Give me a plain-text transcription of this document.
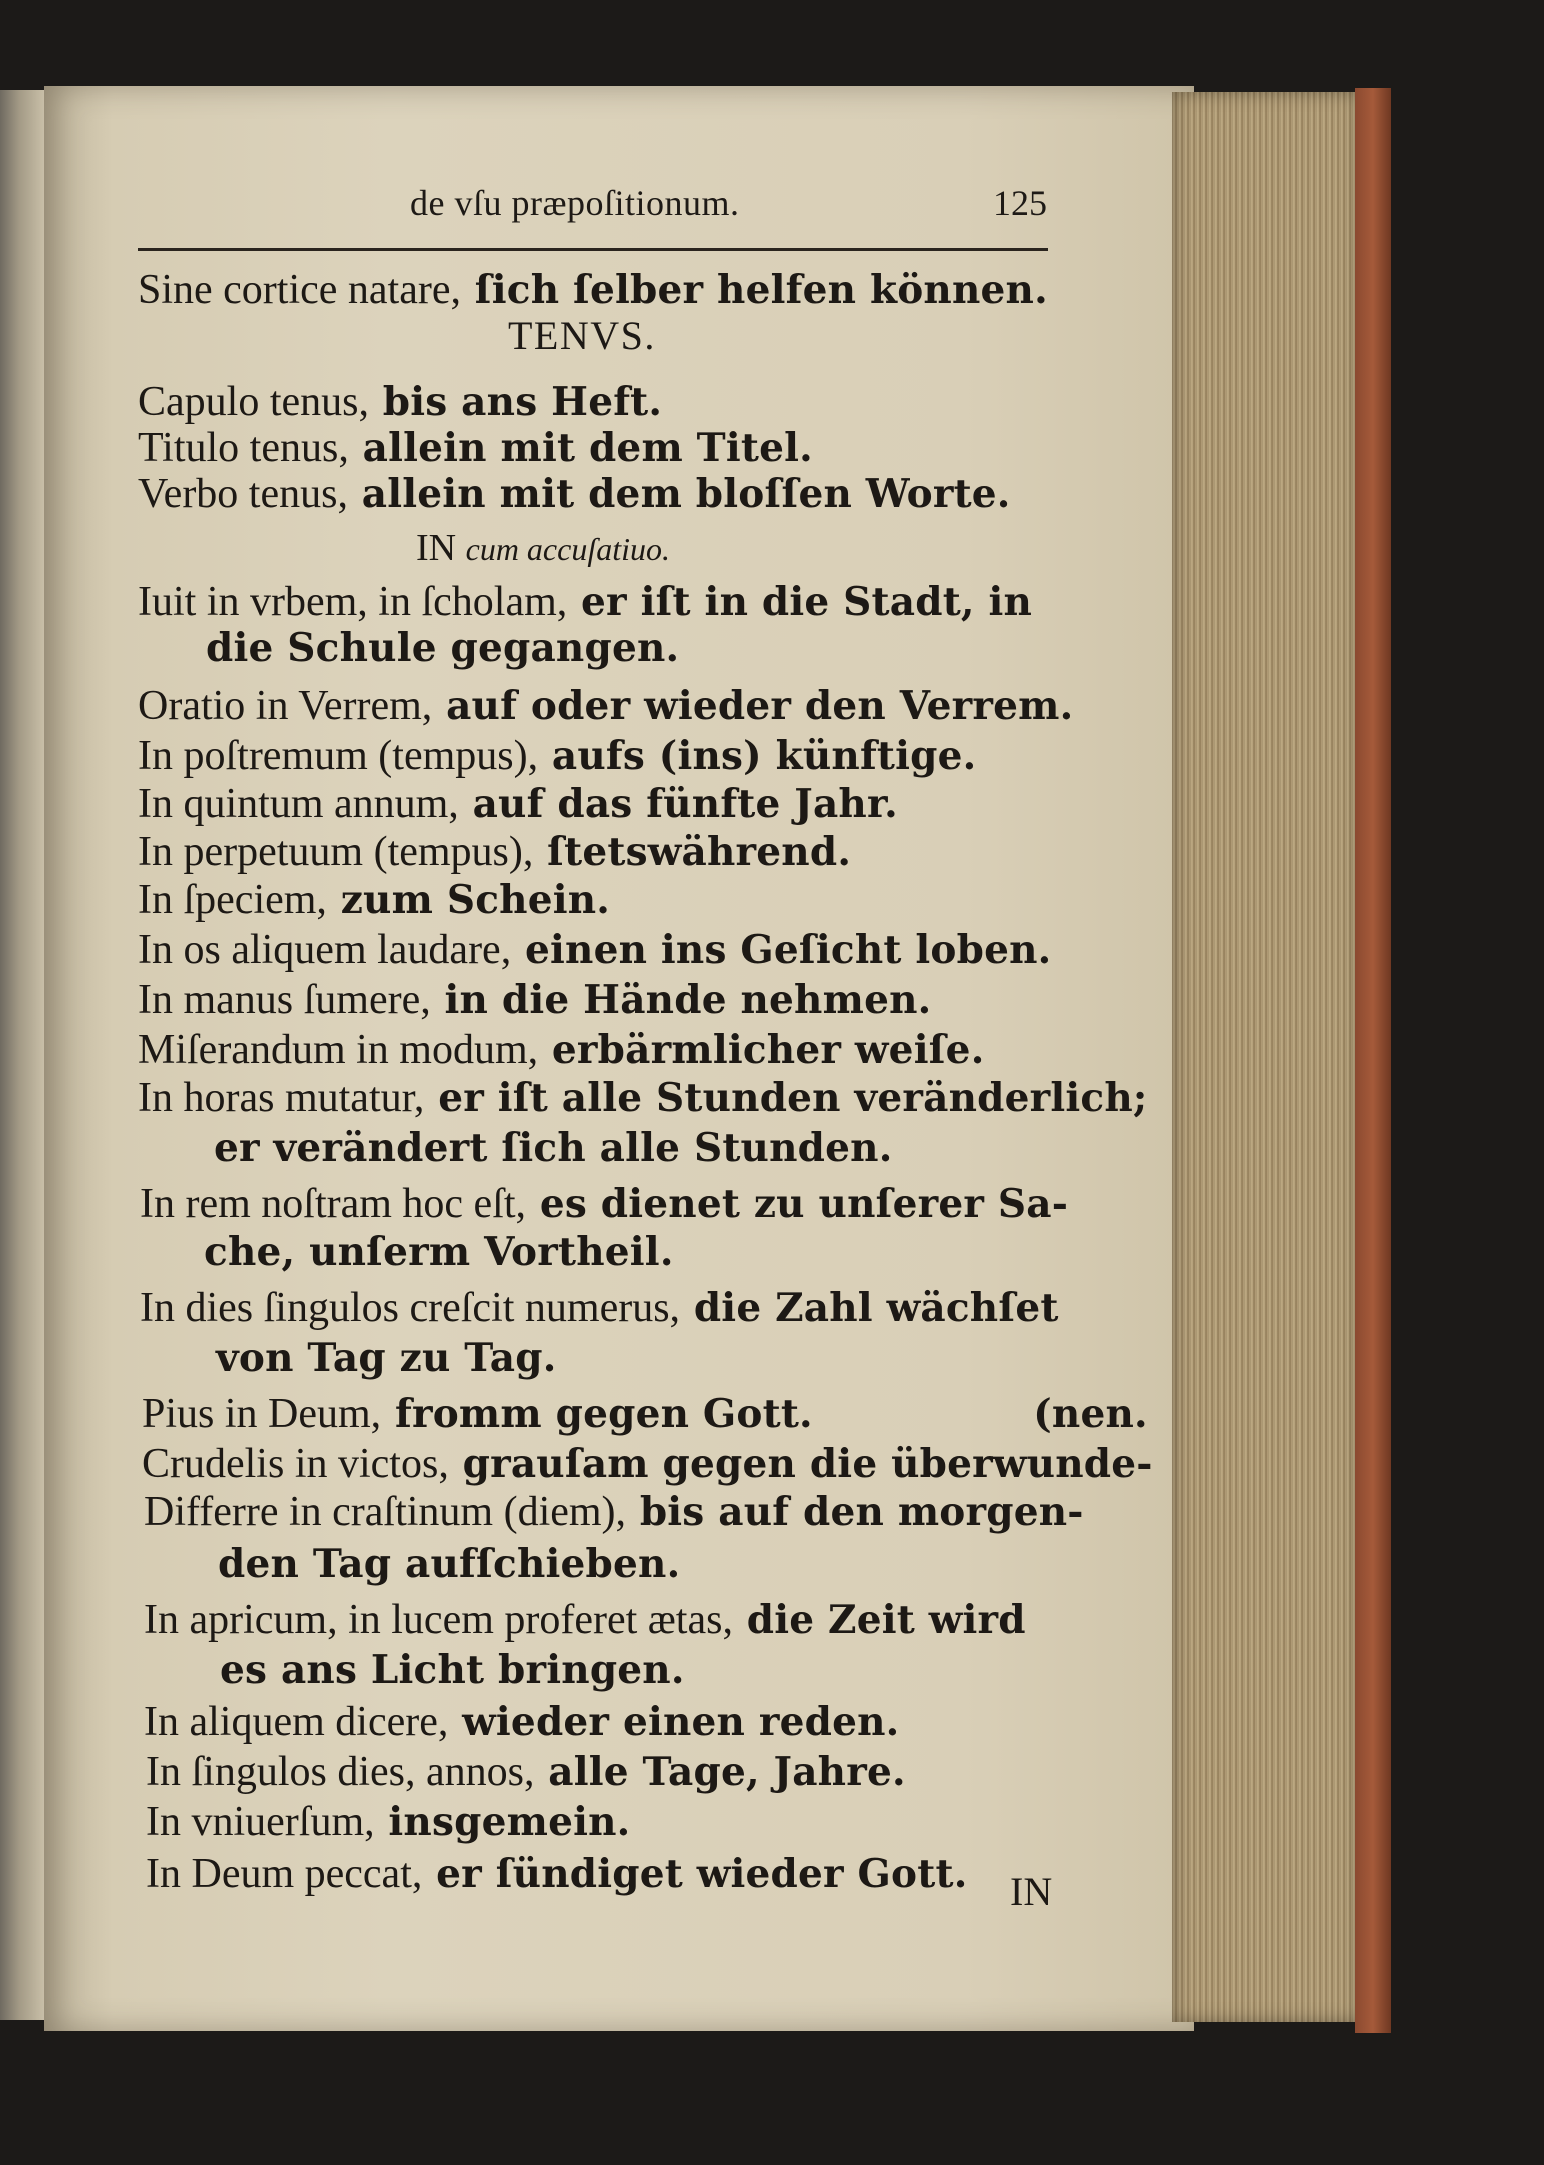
de vſu præpoſitionum.	125
Sine cortice natare, ſich ſelber helfen können.
TENVS.
Capulo tenus, bis ans Heft.
Titulo tenus, allein mit dem Titel.
Verbo tenus, allein mit dem bloſſen Worte.
IN cum accuſatiuo.
Iuit in vrbem, in ſcholam, er iſt in die Stadt, in
die Schule gegangen.
Oratio in Verrem, auf oder wieder den Verrem.
In poſtremum (tempus), aufs (ins) künftige.
In quintum annum, auf das fünfte Jahr.
In perpetuum (tempus), ſtetswährend.
In ſpeciem, zum Schein.
In os aliquem laudare, einen ins Geſicht loben.
In manus ſumere, in die Hände nehmen.
Miſerandum in modum, erbärmlicher weiſe.
In horas mutatur, er iſt alle Stunden veränderlich;
er verändert ſich alle Stunden.
In rem noſtram hoc eſt, es dienet zu unſerer Sa-
che, unſerm Vortheil.
In dies ſingulos creſcit numerus, die Zahl wächſet
von Tag zu Tag.
Pius in Deum, fromm gegen Gott.                (nen.
Crudelis in victos, grauſam gegen die überwunde-
Differre in craſtinum (diem), bis auf den morgen-
den Tag aufſchieben.
In apricum, in lucem proferet ætas, die Zeit wird
es ans Licht bringen.
In aliquem dicere, wieder einen reden.
In ſingulos dies, annos, alle Tage, Jahre.
In vniuerſum, insgemein.
In Deum peccat, er ſündiget wieder Gott. IN
